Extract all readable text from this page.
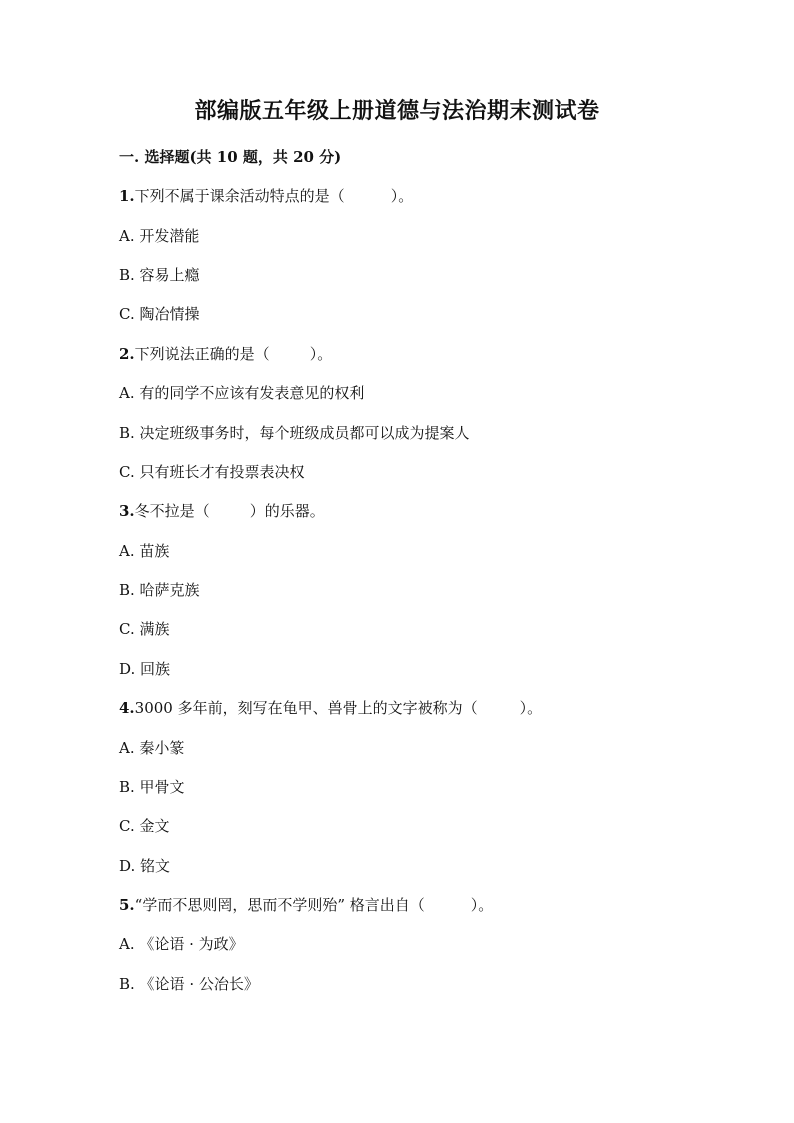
部编版五年级上册道德与法治期末测试卷
一. 选择题(共 10 题，共 20 分)
1.下列不属于课余活动特点的是（	）。
A. 开发潜能
B. 容易上瘾
C. 陶冶情操
2.下列说法正确的是（	）。
A. 有的同学不应该有发表意见的权利
B. 决定班级事务时，每个班级成员都可以成为提案人
C. 只有班长才有投票表决权
3.冬不拉是（	）的乐器。
A. 苗族
B. 哈萨克族
C. 满族
D. 回族
4.3000 多年前，刻写在龟甲、兽骨上的文字被称为（	）。
A. 秦小篆
B. 甲骨文
C. 金文
D. 铭文
5.“学而不思则罔，思而不学则殆” 格言出自（	）。
A. 《论语 · 为政》
B. 《论语 · 公冶长》
